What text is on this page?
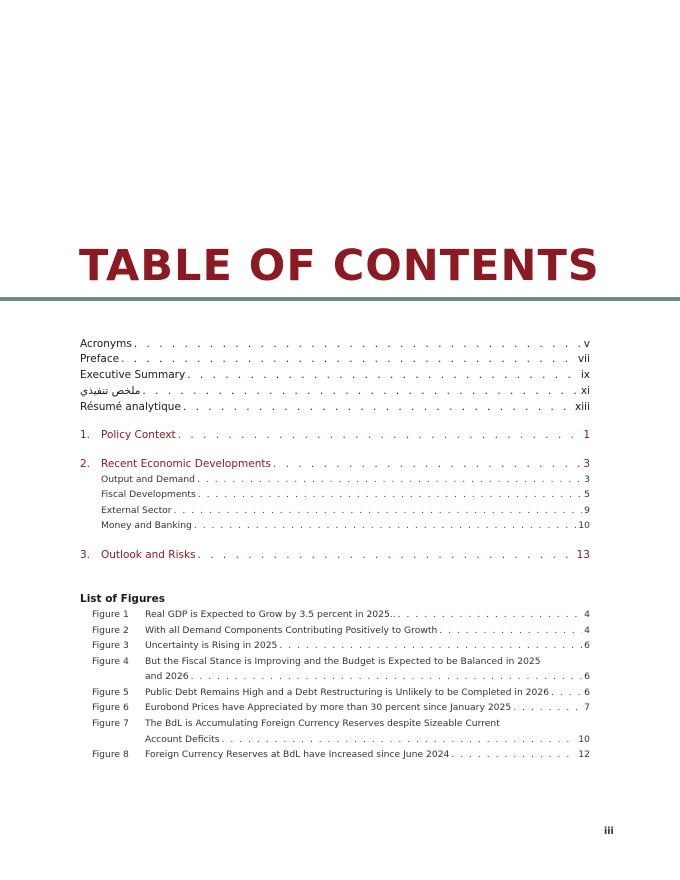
TABLE OF CONTENTS
Acronyms . . .	v
Preface . . .	vii
Executive Summary . . .	ix
ملخص تنفيذي . . .	xi
Résumé analytique . . .	xiii
1. Policy Context . . .	1
2. Recent Economic Developments . . .	3
Output and Demand . . .	3
Fiscal Developments . . .	5
External Sector . . .	9
Money and Banking . . .	10
3. Outlook and Risks . . .	13
List of Figures
Figure 1	Real GDP is Expected to Grow by 3.5 percent in 2025.. . . .	4
Figure 2	With all Demand Components Contributing Positively to Growth . . .	4
Figure 3	Uncertainty is Rising in 2025 . . .	6
Figure 4	But the Fiscal Stance is Improving and the Budget is Expected to be Balanced in 2025
and 2026 . . .	6
Figure 5	Public Debt Remains High and a Debt Restructuring is Unlikely to be Completed in 2026 . . .	6
Figure 6	Eurobond Prices have Appreciated by more than 30 percent since January 2025 . . .	7
Figure 7	The BdL is Accumulating Foreign Currency Reserves despite Sizeable Current
Account Deficits . . .	10
Figure 8	Foreign Currency Reserves at BdL have Increased since June 2024 . . .	12
iii
